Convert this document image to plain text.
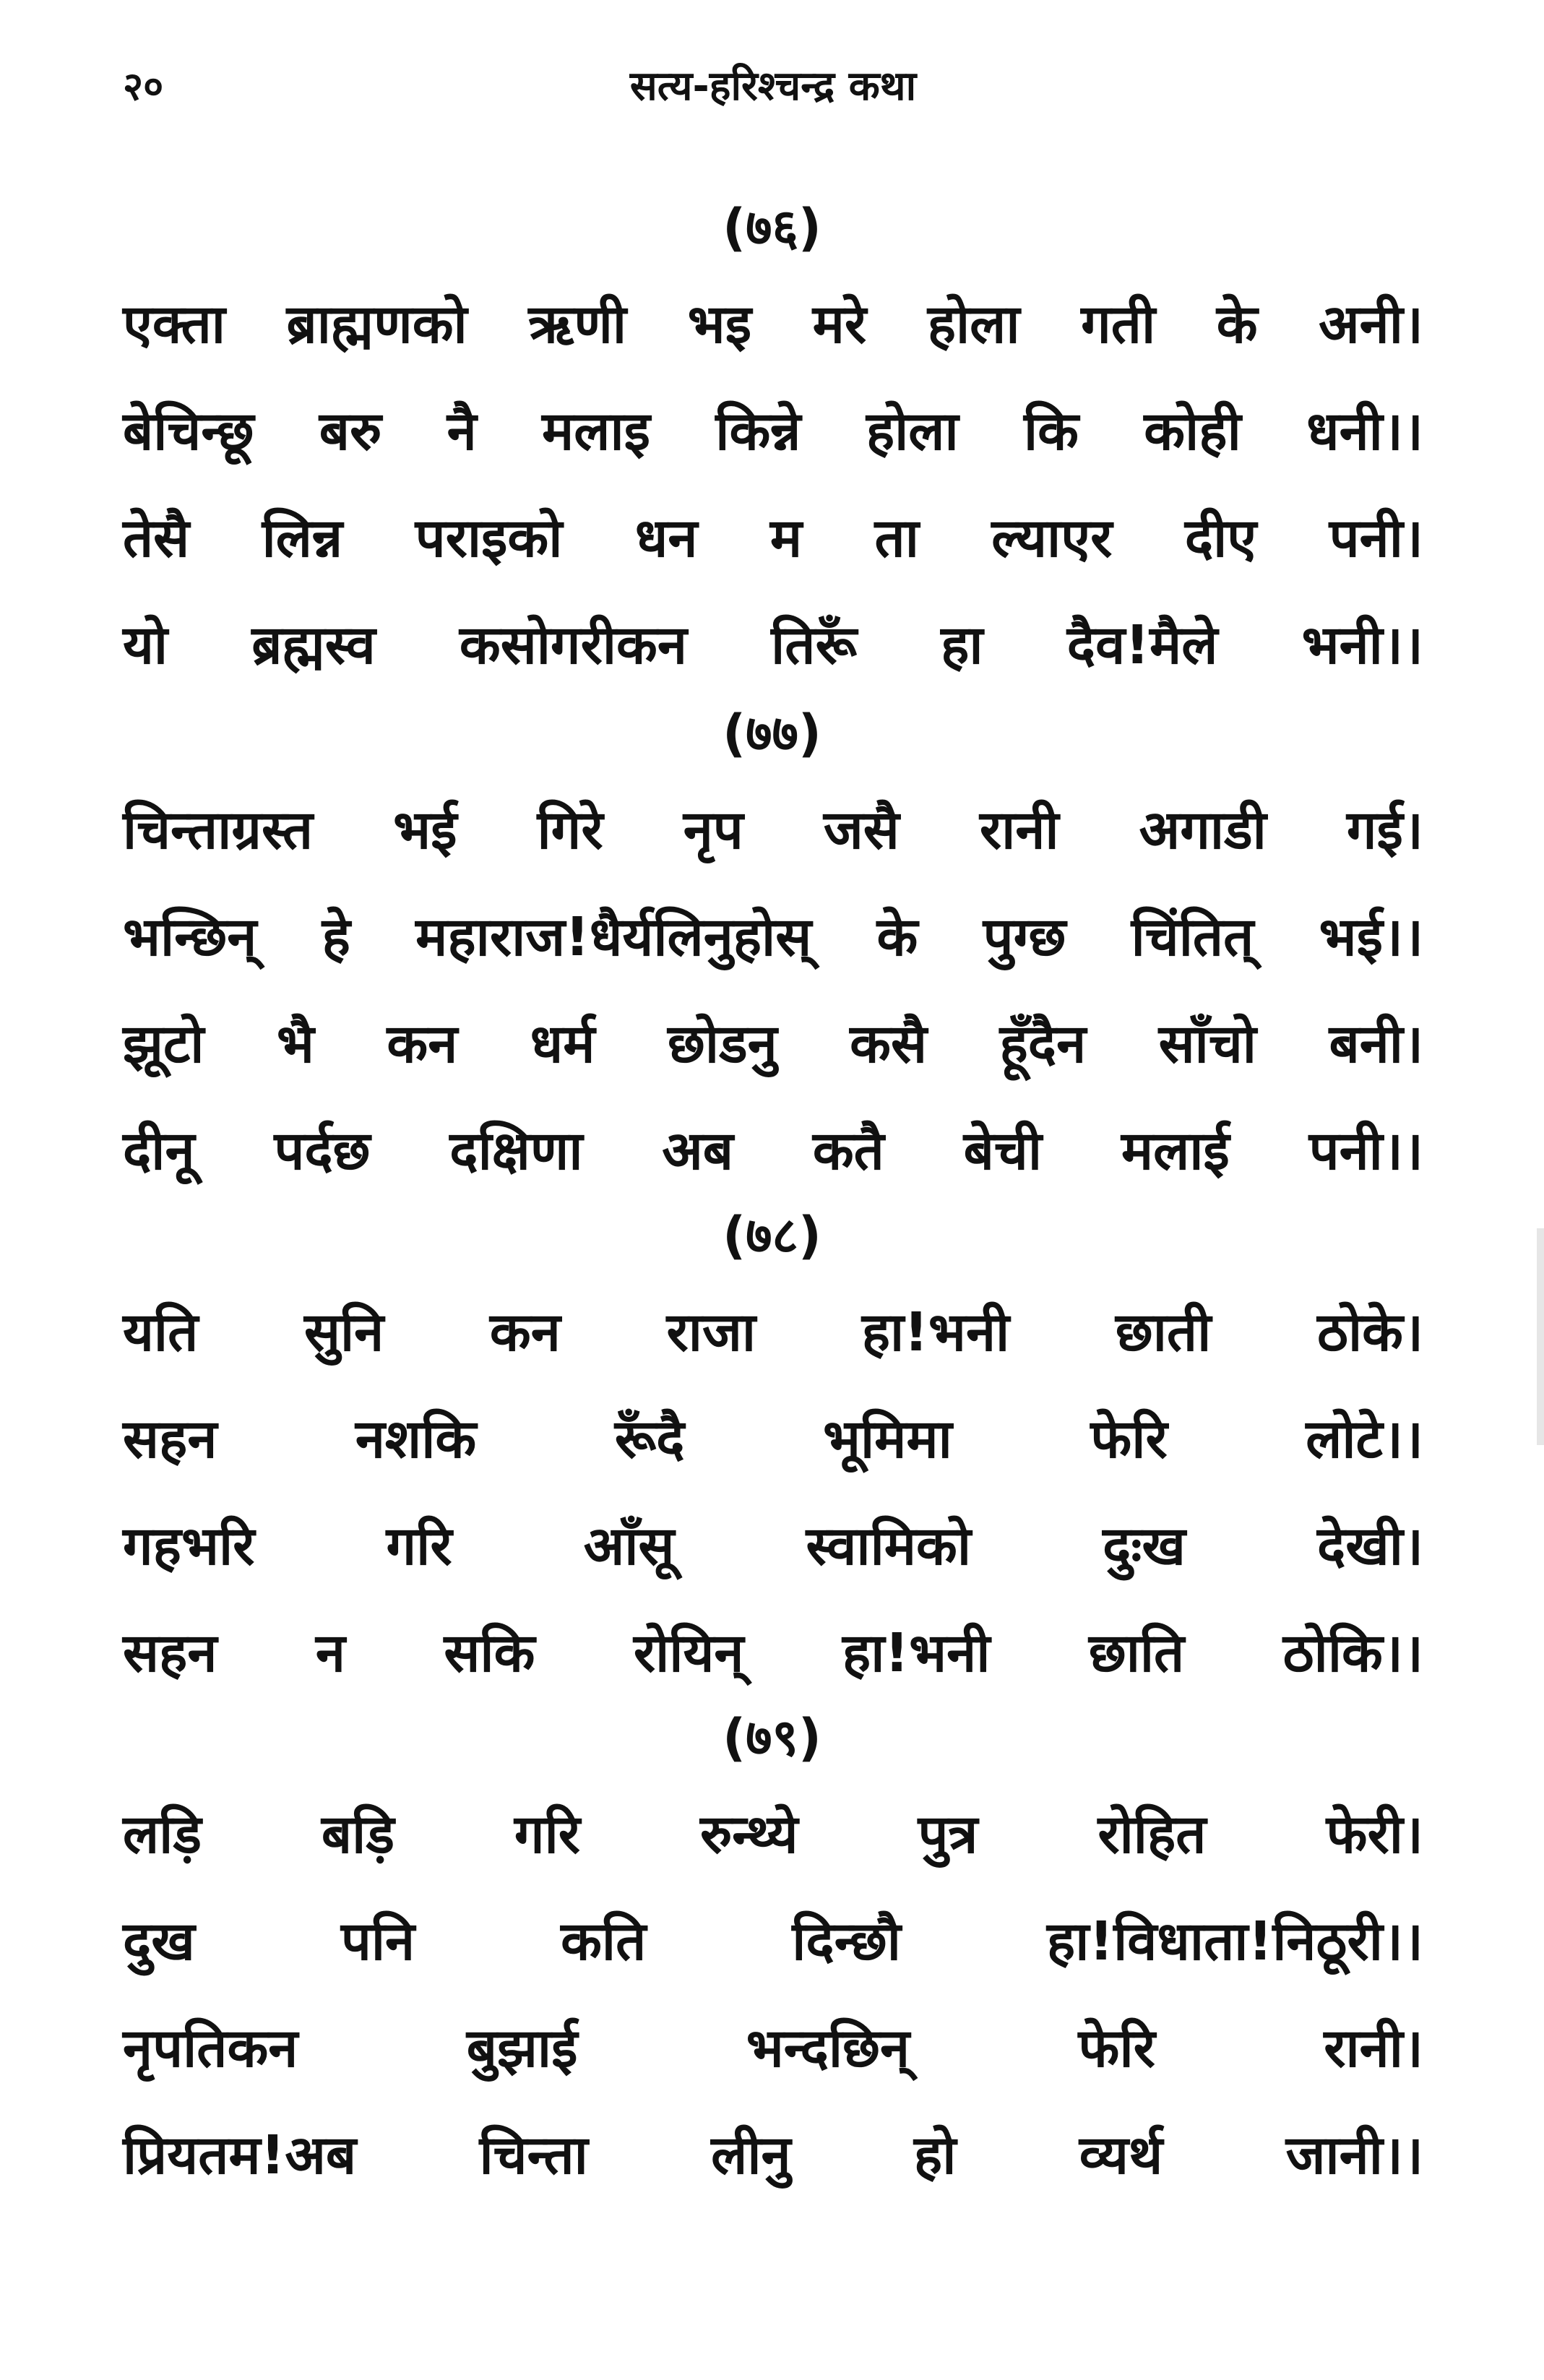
२०	सत्य-हरिश्चन्द्र कथा
(७६)
एक्ता ब्राह्मणको ऋणी भइ मरे होला गती के अनी।
बेचिन्छू बरु नै मलाइ किन्ने होला कि कोही धनी।।
तेसै लिन्न पराइको धन म ता ल्याएर दीए पनी।
यो ब्रह्मस्व कसोगरीकन तिरूँ हा दैव!मैले भनी।।
(७७)
चिन्ताग्रस्त भई गिरे नृप जसै रानी अगाडी गई।
भन्छिन् हे महाराज!धैर्यलिनुहोस् के पुग्छ चिंतित् भई।।
झूटो भै कन धर्म छोडनु कसै हूँदैन साँचो बनी।
दीनू पर्दछ दक्षिणा अब कतै बेची मलाई पनी।।
(७८)
यति सुनि कन राजा हा!भनी छाती ठोके।
सहन	नशकि	रूँदै	भूमिमा	फेरि	लोटे।।
गहभरि गरि आँसू स्वामिको दुःख देखी।
सहन न सकि रोयिन् हा!भनी छाति ठोकि।।
(७९)
लड़ि बड़ि गरि रुन्थ्ये पुत्र रोहित फेरी।
दुख	पनि	कति	दिन्छौ	हा!विधाता!निठूरी।।
नृपतिकन	बुझाई	भन्दछिन्	फेरि	रानी।
प्रियतम!अब चिन्ता लीनु हो व्यर्थ जानी।।
